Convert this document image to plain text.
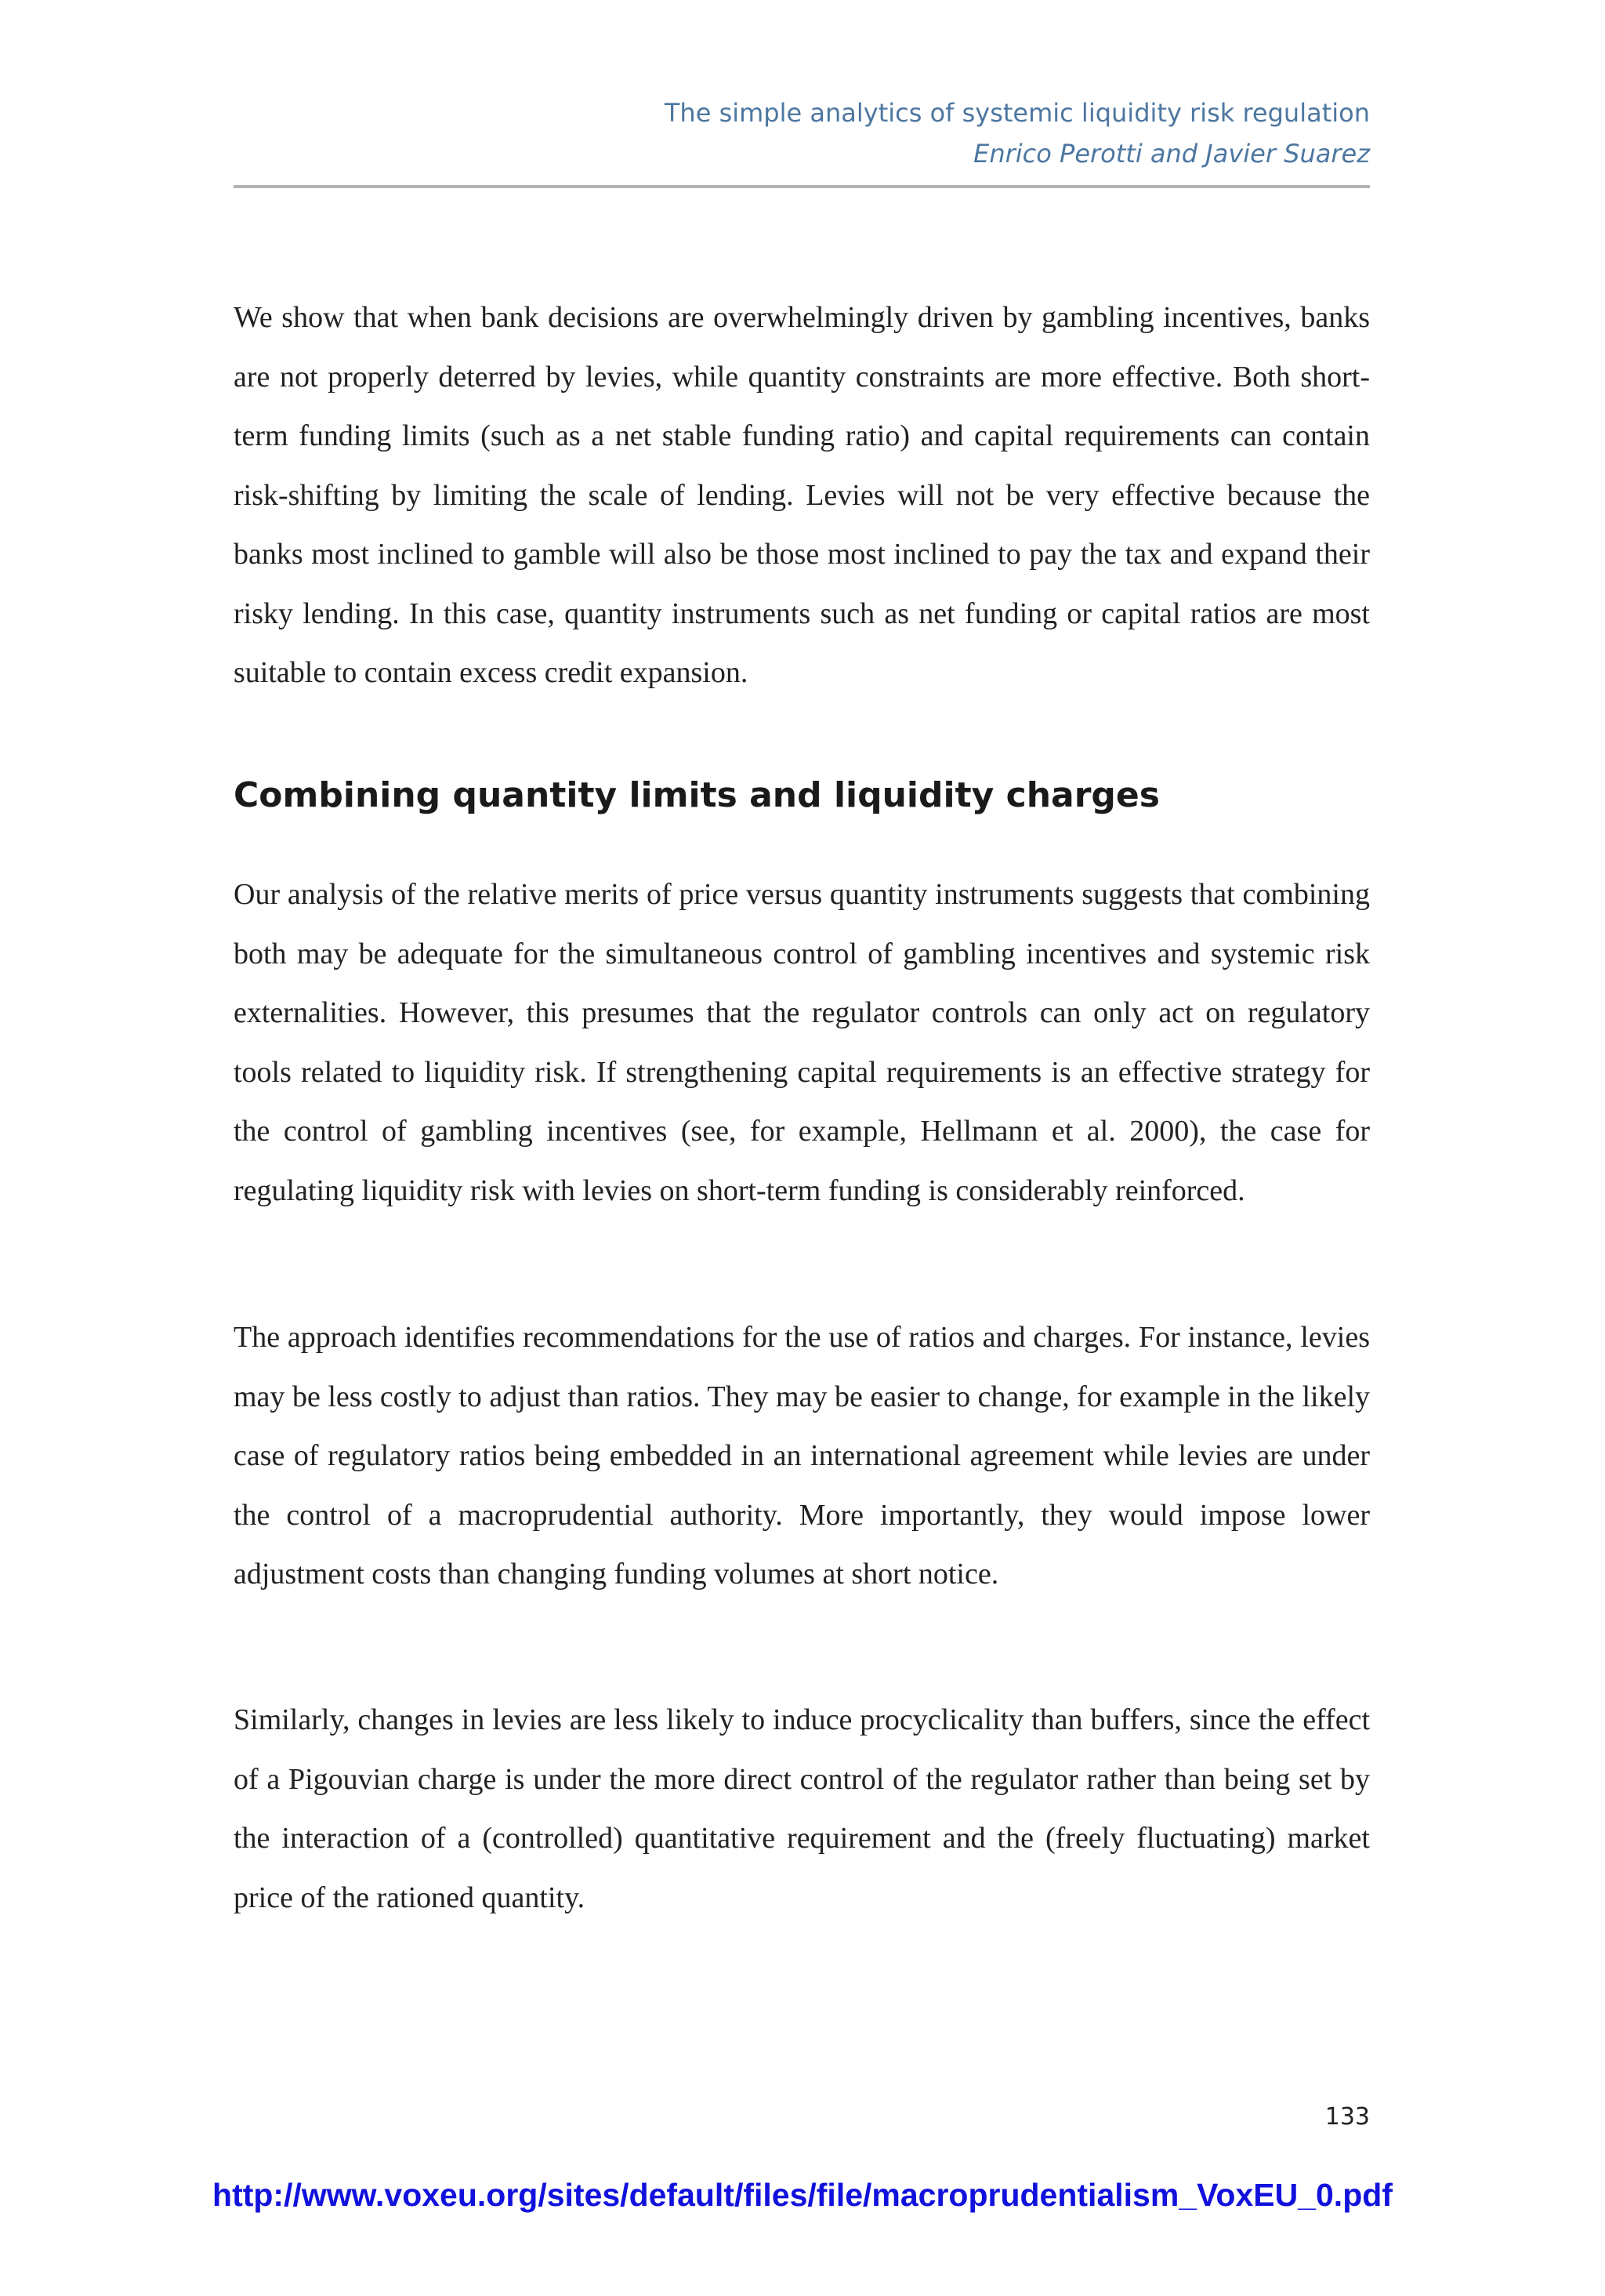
The simple analytics of systemic liquidity risk regulation
Enrico Perotti and Javier Suarez

We show that when bank decisions are overwhelmingly driven by gambling incentives, banks are not properly deterred by levies, while quantity constraints are more effective. Both short-term funding limits (such as a net stable funding ratio) and capital requirements can contain risk-shifting by limiting the scale of lending. Levies will not be very effective because the banks most inclined to gamble will also be those most inclined to pay the tax and expand their risky lending. In this case, quantity instruments such as net funding or capital ratios are most suitable to contain excess credit expansion.

Combining quantity limits and liquidity charges

Our analysis of the relative merits of price versus quantity instruments suggests that combining both may be adequate for the simultaneous control of gambling incentives and systemic risk externalities. However, this presumes that the regulator controls can only act on regulatory tools related to liquidity risk. If strengthening capital requirements is an effective strategy for the control of gambling incentives (see, for example, Hellmann et al. 2000), the case for regulating liquidity risk with levies on short-term funding is considerably reinforced.

The approach identifies recommendations for the use of ratios and charges. For instance, levies may be less costly to adjust than ratios. They may be easier to change, for example in the likely case of regulatory ratios being embedded in an international agreement while levies are under the control of a macroprudential authority. More importantly, they would impose lower adjustment costs than changing funding volumes at short notice.

Similarly, changes in levies are less likely to induce procyclicality than buffers, since the effect of a Pigouvian charge is under the more direct control of the regulator rather than being set by the interaction of a (controlled) quantitative requirement and the (freely fluctuating) market price of the rationed quantity.

133
http://www.voxeu.org/sites/default/files/file/macroprudentialism_VoxEU_0.pdf
